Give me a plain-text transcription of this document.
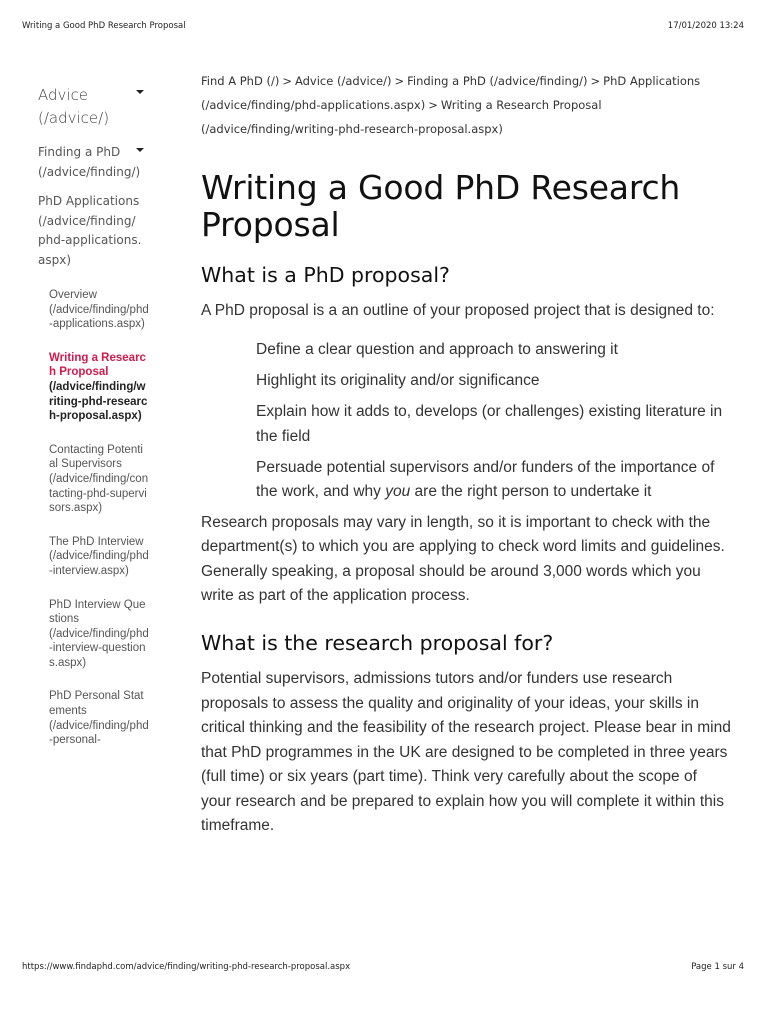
Writing a Good PhD Research Proposal	17/01/2020 13:24
Advice
(/advice/)
Finding a PhD
(/advice/finding/)
PhD Applications
(/advice/finding/phd-applications.aspx)
Overview
(/advice/finding/phd-applications.aspx)
Writing a Research Proposal
(/advice/finding/writing-phd-research-proposal.aspx)
Contacting Potential Supervisors
(/advice/finding/contacting-phd-supervisors.aspx)
The PhD Interview
(/advice/finding/phd-interview.aspx)
PhD Interview Questions
(/advice/finding/phd-interview-questions.aspx)
PhD Personal Statements
(/advice/finding/phd-personal-
Find A PhD (/) > Advice (/advice/) > Finding a PhD (/advice/finding/) > PhD Applications (/advice/finding/phd-applications.aspx) > Writing a Research Proposal (/advice/finding/writing-phd-research-proposal.aspx)
Writing a Good PhD Research Proposal
What is a PhD proposal?

A PhD proposal is a an outline of your proposed project that is designed to:

Define a clear question and approach to answering it
Highlight its originality and/or significance
Explain how it adds to, develops (or challenges) existing literature in the field
Persuade potential supervisors and/or funders of the importance of the work, and why you are the right person to undertake it

Research proposals may vary in length, so it is important to check with the department(s) to which you are applying to check word limits and guidelines. Generally speaking, a proposal should be around 3,000 words which you write as part of the application process.

What is the research proposal for?

Potential supervisors, admissions tutors and/or funders use research proposals to assess the quality and originality of your ideas, your skills in critical thinking and the feasibility of the research project. Please bear in mind that PhD programmes in the UK are designed to be completed in three years (full time) or six years (part time). Think very carefully about the scope of your research and be prepared to explain how you will complete it within this timeframe.

https://www.findaphd.com/advice/finding/writing-phd-research-proposal.aspx	Page 1 sur 4
